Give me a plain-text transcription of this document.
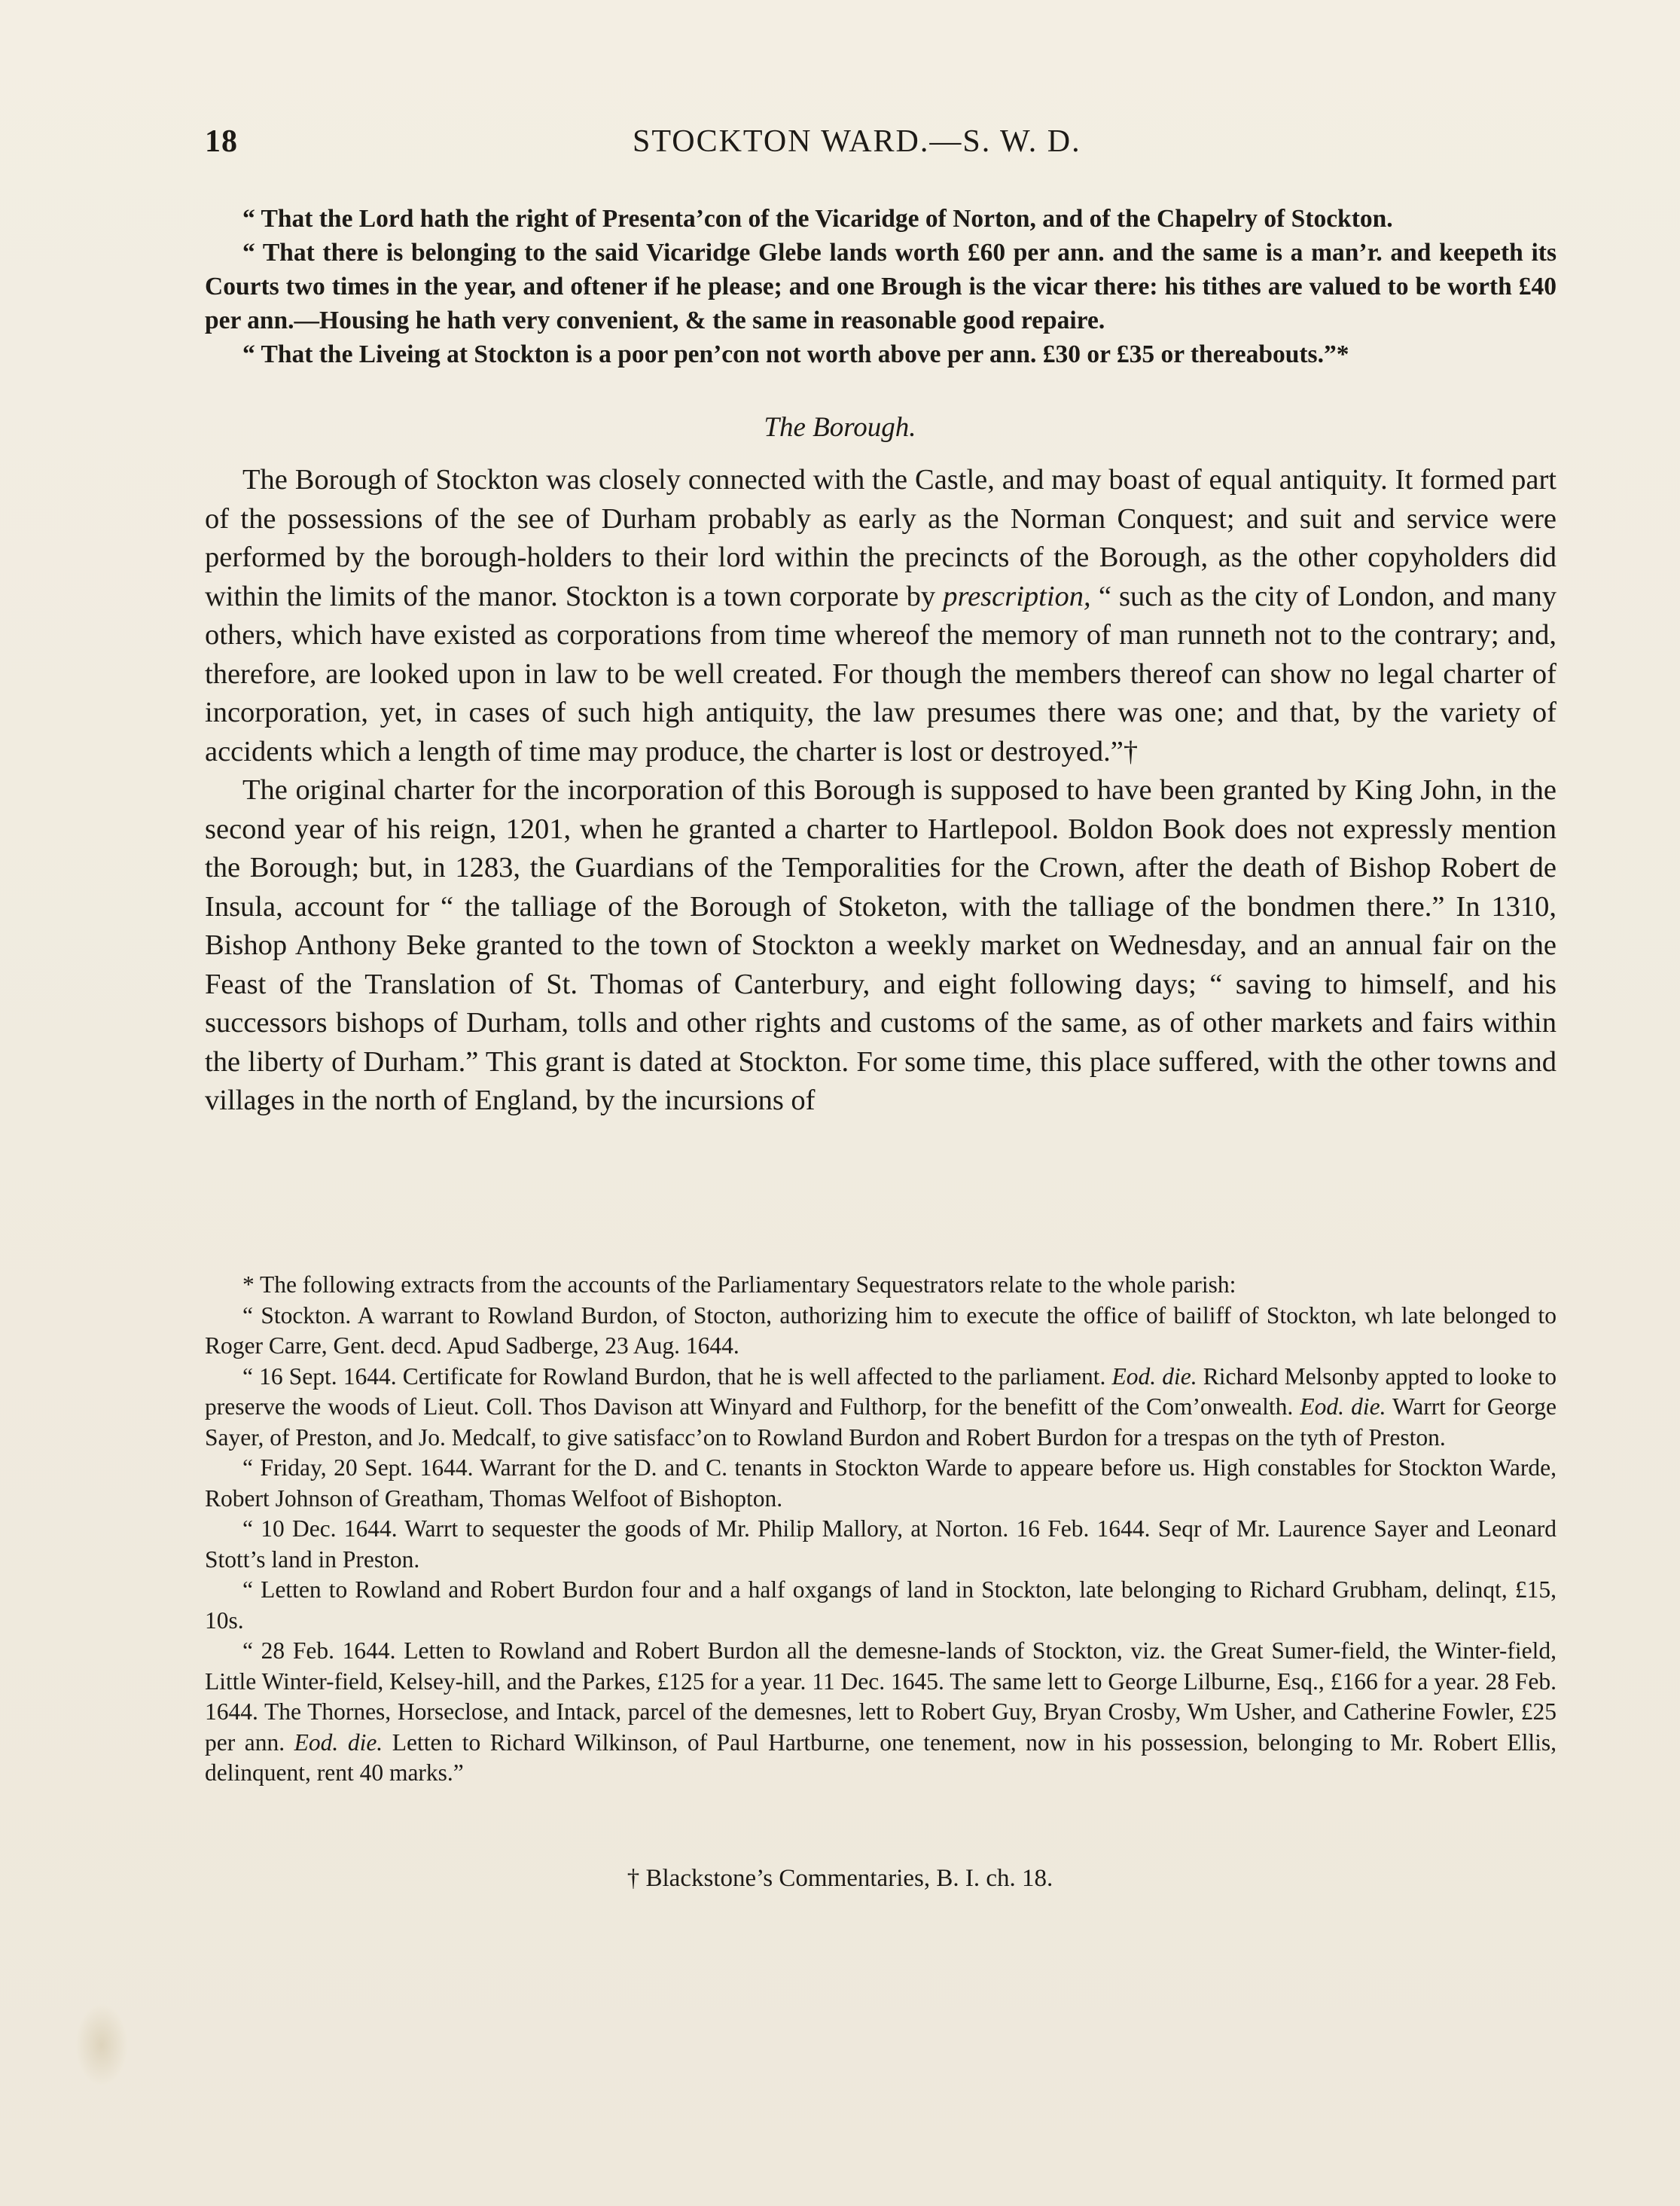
18	STOCKTON WARD.—S. W. D.

“ That the Lord hath the right of Presenta’con of the Vicaridge of Norton, and of the Chapelry of Stockton.

“ That there is belonging to the said Vicaridge Glebe lands worth £60 per ann. and the same is a man’r. and keepeth its Courts two times in the year, and oftener if he please; and one Brough is the vicar there: his tithes are valued to be worth £40 per ann.—Housing he hath very convenient, & the same in reasonable good repaire.

“ That the Liveing at Stockton is a poor pen’con not worth above per ann. £30 or £35 or thereabouts.”*

The Borough.

The Borough of Stockton was closely connected with the Castle, and may boast of equal antiquity. It formed part of the possessions of the see of Durham probably as early as the Norman Conquest; and suit and service were performed by the borough-holders to their lord within the precincts of the Borough, as the other copyholders did within the limits of the manor. Stockton is a town corporate by prescription, “ such as the city of London, and many others, which have existed as corporations from time whereof the memory of man runneth not to the contrary; and, therefore, are looked upon in law to be well created. For though the members thereof can show no legal charter of incorporation, yet, in cases of such high antiquity, the law presumes there was one; and that, by the variety of accidents which a length of time may produce, the charter is lost or destroyed.”†

The original charter for the incorporation of this Borough is supposed to have been granted by King John, in the second year of his reign, 1201, when he granted a charter to Hartlepool. Boldon Book does not expressly mention the Borough; but, in 1283, the Guardians of the Temporalities for the Crown, after the death of Bishop Robert de Insula, account for “ the talliage of the Borough of Stoketon, with the talliage of the bondmen there.” In 1310, Bishop Anthony Beke granted to the town of Stockton a weekly market on Wednesday, and an annual fair on the Feast of the Translation of St. Thomas of Canterbury, and eight following days; “ saving to himself, and his successors bishops of Durham, tolls and other rights and customs of the same, as of other markets and fairs within the liberty of Durham.” This grant is dated at Stockton. For some time, this place suffered, with the other towns and villages in the north of England, by the incursions of

* The following extracts from the accounts of the Parliamentary Sequestrators relate to the whole parish:

“ Stockton. A warrant to Rowland Burdon, of Stocton, authorizing him to execute the office of bailiff of Stockton, wh late belonged to Roger Carre, Gent. decd. Apud Sadberge, 23 Aug. 1644.

“ 16 Sept. 1644. Certificate for Rowland Burdon, that he is well affected to the parliament. Eod. die. Richard Melsonby appted to looke to preserve the woods of Lieut. Coll. Thos Davison att Winyard and Fulthorp, for the benefitt of the Com’onwealth. Eod. die. Warrt for George Sayer, of Preston, and Jo. Medcalf, to give satisfacc’on to Rowland Burdon and Robert Burdon for a trespas on the tyth of Preston.

“ Friday, 20 Sept. 1644. Warrant for the D. and C. tenants in Stockton Warde to appeare before us. High constables for Stockton Warde, Robert Johnson of Greatham, Thomas Welfoot of Bishopton.

“ 10 Dec. 1644. Warrt to sequester the goods of Mr. Philip Mallory, at Norton. 16 Feb. 1644. Seqr of Mr. Laurence Sayer and Leonard Stott’s land in Preston.

“ Letten to Rowland and Robert Burdon four and a half oxgangs of land in Stockton, late belonging to Richard Grubham, delinqt, £15, 10s.

“ 28 Feb. 1644. Letten to Rowland and Robert Burdon all the demesne-lands of Stockton, viz. the Great Sumer-field, the Winter-field, Little Winter-field, Kelsey-hill, and the Parkes, £125 for a year. 11 Dec. 1645. The same lett to George Lilburne, Esq., £166 for a year. 28 Feb. 1644. The Thornes, Horseclose, and Intack, parcel of the demesnes, lett to Robert Guy, Bryan Crosby, Wm Usher, and Catherine Fowler, £25 per ann. Eod. die. Letten to Richard Wilkinson, of Paul Hartburne, one tenement, now in his possession, belonging to Mr. Robert Ellis, delinquent, rent 40 marks.”

† Blackstone’s Commentaries, B. I. ch. 18.
